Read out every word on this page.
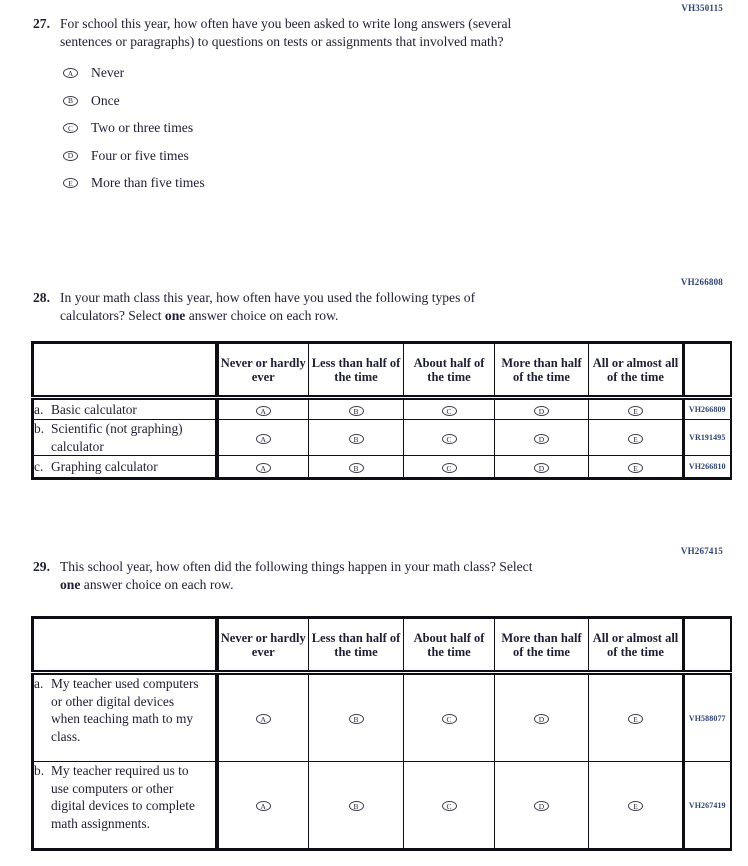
VH350115
27. For school this year, how often have you been asked to write long answers (several
sentences or paragraphs) to questions on tests or assignments that involved math?
A	Never
B	Once
C	Two or three times
D	Four or five times
E	More than five times
VH266808
28. In your math class this year, how often have you used the following types of
calculators? Select one answer choice on each row.
	Never or hardly ever	Less than half of the time	About half of the time	More than half of the time	All or almost all of the time	

a. Basic calculator	A	B	C	D	E	VH266809

b. Scientific (not graphing) calculator	A	B	C	D	E	VR191495

c. Graphing calculator	A	B	C	D	E	VH266810
VH267415
29. This school year, how often did the following things happen in your math class? Select
one answer choice on each row.
	Never or hardly ever	Less than half of the time	About half of the time	More than half of the time	All or almost all of the time	

a. My teacher used computers or other digital devices when teaching math to my class.	A	B	C	D	E	VH588077

b. My teacher required us to use computers or other digital devices to complete math assignments.	A	B	C	D	E	VH267419
